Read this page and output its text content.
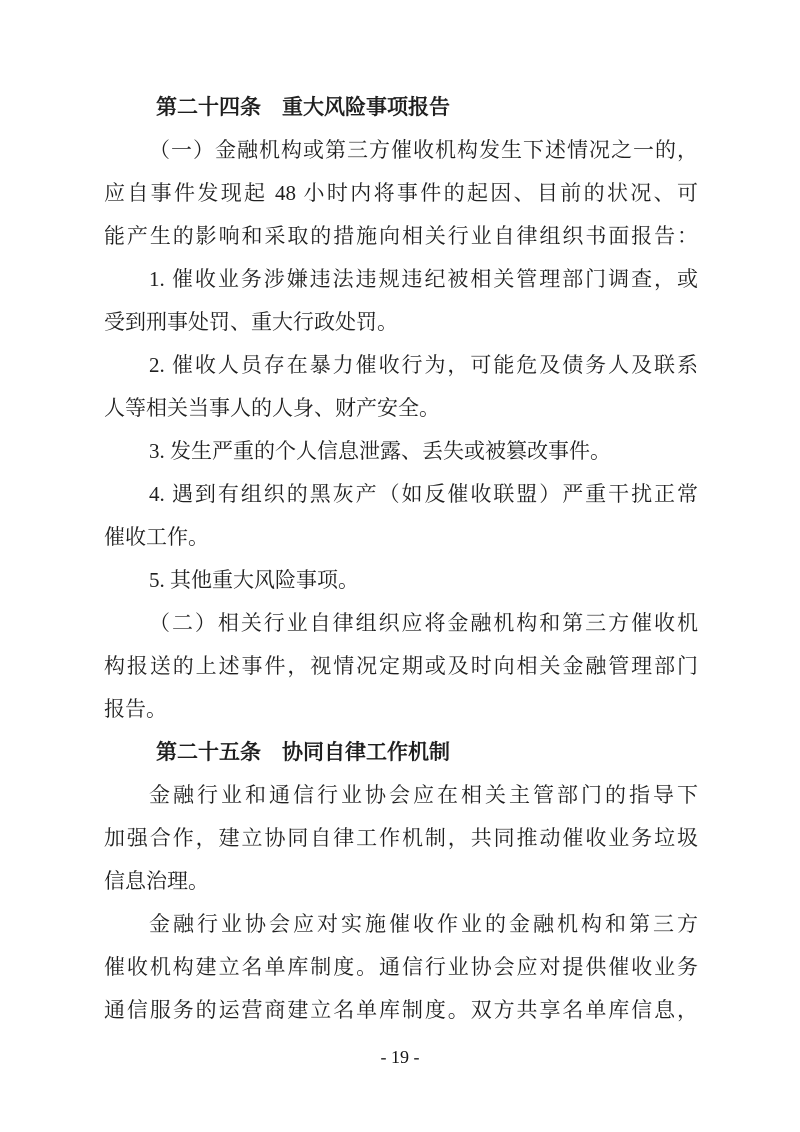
第二十四条　重大风险事项报告
（一）金融机构或第三方催收机构发生下述情况之一的，
应自事件发现起 48 小时内将事件的起因、目前的状况、可
能产生的影响和采取的措施向相关行业自律组织书面报告：
1. 催收业务涉嫌违法违规违纪被相关管理部门调查，或
受到刑事处罚、重大行政处罚。
2. 催收人员存在暴力催收行为，可能危及债务人及联系
人等相关当事人的人身、财产安全。
3. 发生严重的个人信息泄露、丢失或被篡改事件。
4. 遇到有组织的黑灰产（如反催收联盟）严重干扰正常
催收工作。
5. 其他重大风险事项。
（二）相关行业自律组织应将金融机构和第三方催收机
构报送的上述事件，视情况定期或及时向相关金融管理部门
报告。
第二十五条　协同自律工作机制
金融行业和通信行业协会应在相关主管部门的指导下
加强合作，建立协同自律工作机制，共同推动催收业务垃圾
信息治理。
金融行业协会应对实施催收作业的金融机构和第三方
催收机构建立名单库制度。通信行业协会应对提供催收业务
通信服务的运营商建立名单库制度。双方共享名单库信息，
- 19 -
